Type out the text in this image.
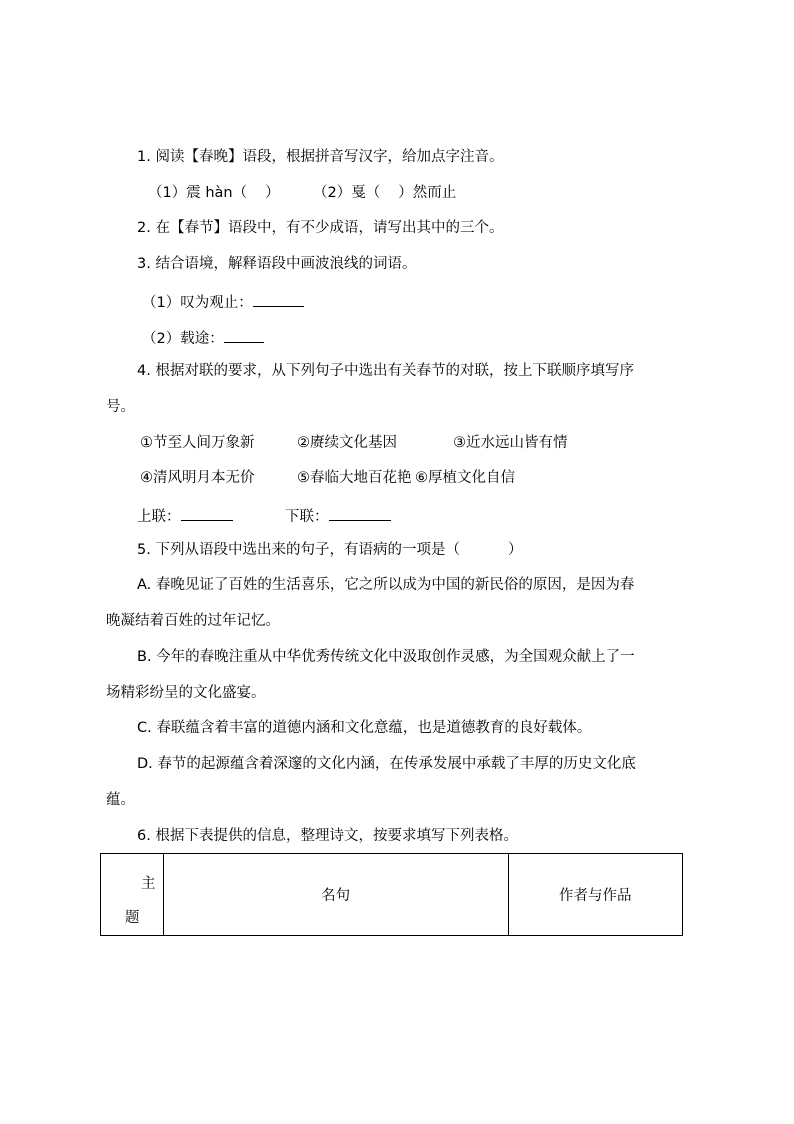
1. 阅读【春晚】语段，根据拼音写汉字，给加点字注音。
（1）震 hàn（ ） （2）戛（ ）然而止
2. 在【春节】语段中，有不少成语，请写出其中的三个。
3. 结合语境，解释语段中画波浪线的词语。
（1）叹为观止：
（2）载途：
4. 根据对联的要求，从下列句子中选出有关春节的对联，按上下联顺序填写序
号。
①节至人间万象新	②赓续文化基因	③近水远山皆有情
④清风明月本无价	⑤春临大地百花艳 ⑥厚植文化自信
上联：	下联：
5. 下列从语段中选出来的句子，有语病的一项是（	）
A. 春晚见证了百姓的生活喜乐，它之所以成为中国的新民俗的原因，是因为春
晚凝结着百姓的过年记忆。
B. 今年的春晚注重从中华优秀传统文化中汲取创作灵感，为全国观众献上了一
场精彩纷呈的文化盛宴。
C. 春联蕴含着丰富的道德内涵和文化意蕴，也是道德教育的良好载体。
D. 春节的起源蕴含着深邃的文化内涵，在传承发展中承载了丰厚的历史文化底
蕴。
6. 根据下表提供的信息，整理诗文，按要求填写下列表格。
主
题
	名句	作者与作品
